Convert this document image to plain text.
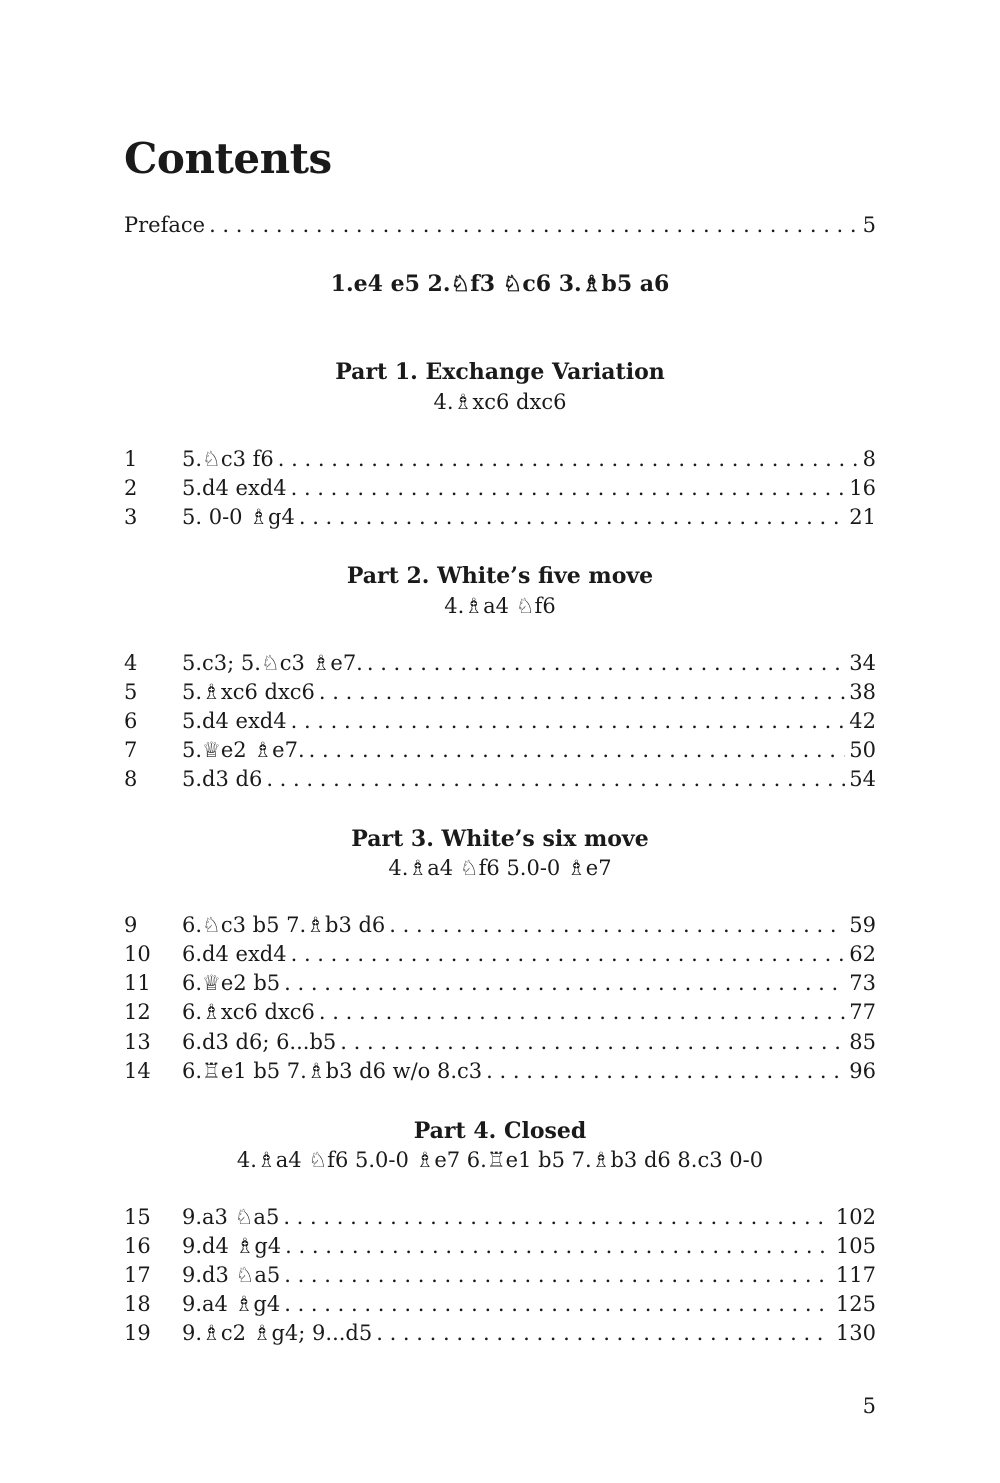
Contents
Preface . . .	5
1.e4 e5 2.♘f3 ♘c6 3.♗b5 a6
Part 1. Exchange Variation
4.♗xc6 dxc6
1	5.♘c3 f6 . . .	8
2	5.d4 exd4 . . .	16
3	5. 0-0 ♗g4 . . .	21
Part 2. White’s five move
4.♗a4 ♘f6
4	5.c3; 5.♘c3 ♗e7. . . .	34
5	5.♗xc6 dxc6 . . .	38
6	5.d4 exd4 . . .	42
7	5.♕e2 ♗e7. . . .	50
8	5.d3 d6 . . .	54
Part 3. White’s six move
4.♗a4 ♘f6 5.0-0 ♗e7
9	6.♘c3 b5 7.♗b3 d6 . . .	59
10	6.d4 exd4 . . .	62
11	6.♕e2 b5 . . .	73
12	6.♗xc6 dxc6 . . .	77
13	6.d3 d6; 6...b5 . . .	85
14	6.♖e1 b5 7.♗b3 d6 w/o 8.c3 . . .	96
Part 4. Closed
4.♗a4 ♘f6 5.0-0 ♗e7 6.♖e1 b5 7.♗b3 d6 8.c3 0-0
15	9.a3 ♘a5 . . .	102
16	9.d4 ♗g4 . . .	105
17	9.d3 ♘a5 . . .	117
18	9.a4 ♗g4 . . .	125
19	9.♗c2 ♗g4; 9...d5 . . .	130
5
